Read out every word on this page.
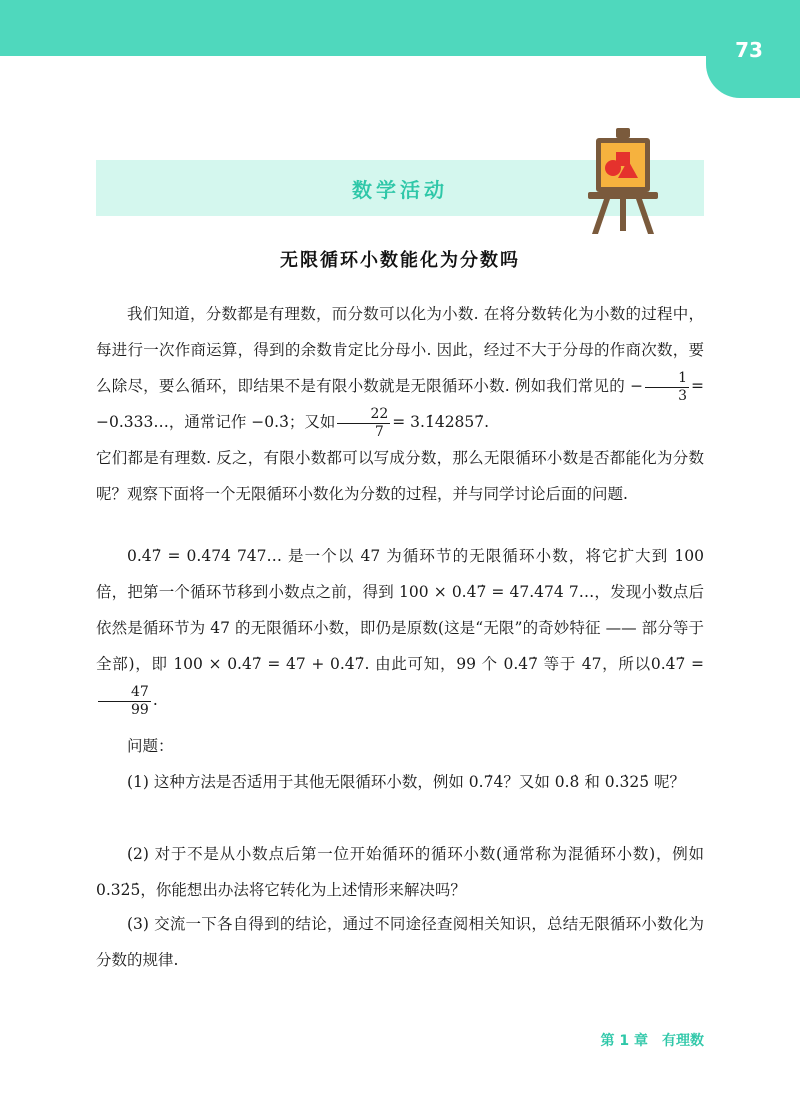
73
数学活动
无限循环小数能化为分数吗
我们知道，分数都是有理数，而分数可以化为小数. 在将分数转化为小数的过程中，每进行一次作商运算，得到的余数肯定比分母小. 因此，经过不大于分母的作商次数，要么除尽，要么循环，即结果不是有限小数就是无限循环小数. 例如我们常见的 − $\frac{1}{3}$ = −0.333…，通常记作 −0.3̇；又如 $\frac{22}{7}$ = 3.1̇42857̇.
它们都是有理数. 反之，有限小数都可以写成分数，那么无限循环小数是否都能化为分数呢？观察下面将一个无限循环小数化为分数的过程，并与同学讨论后面的问题.
0.4̇7̇ = 0.474 747… 是一个以 47 为循环节的无限循环小数，将它扩大到 100 倍，把第一个循环节移到小数点之前，得到 100 × 0.4̇7̇ = 47.474 7…，发现小数点后依然是循环节为 47 的无限循环小数，即仍是原数(这是“无限”的奇妙特征 —— 部分等于全部)，即 100 × 0.4̇7̇ = 47 + 0.4̇7̇. 由此可知，99 个 0.4̇7̇ 等于 47，所以0.4̇7̇ =
$\frac{47}{99}$ .
问题：
(1) 这种方法是否适用于其他无限循环小数，例如 0.7̇4̇？又如 0.8̇ 和 0.3̇25̇ 呢？
(2) 对于不是从小数点后第一位开始循环的循环小数(通常称为混循环小数)，例如 0.32̇5̇，你能想出办法将它转化为上述情形来解决吗？
(3) 交流一下各自得到的结论，通过不同途径查阅相关知识，总结无限循环小数化为分数的规律.
第 1 章　有理数
